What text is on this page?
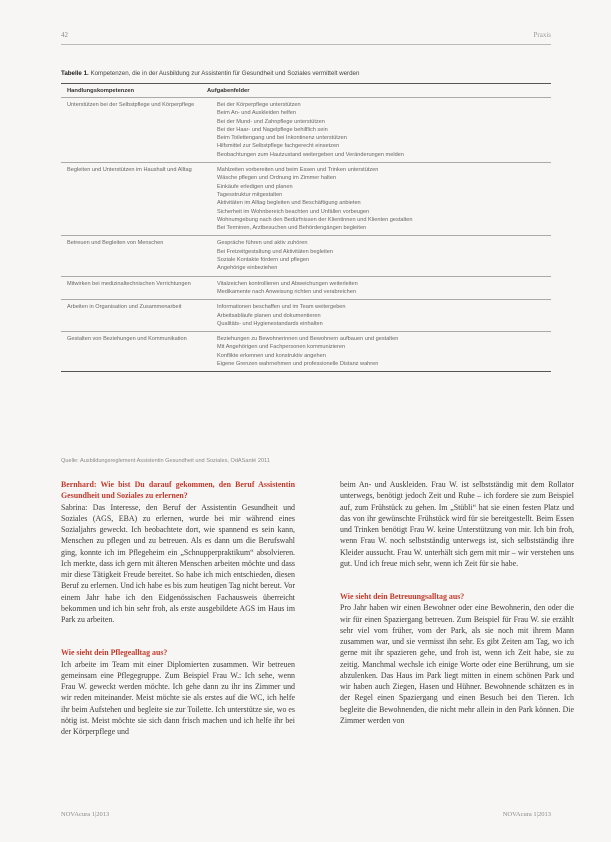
42	Praxis
Tabelle 1. Kompetenzen, die in der Ausbildung zur Assistentin für Gesundheit und Soziales vermittelt werden
Handlungskompetenzen	Aufgabenfelder
Unterstützen bei der Selbstpflege und Körperpflege	• Bei der Körperpflege unterstützen
• Beim An- und Auskleiden helfen
• Bei der Mund- und Zahnpflege unterstützen
• Bei der Haar- und Nagelpflege behilflich sein
• Beim Toilettengang und bei Inkontinenz unterstützen
• Hilfsmittel zur Selbstpflege fachgerecht einsetzen
• Beobachtungen zum Hautzustand weitergeben und Veränderungen melden
Begleiten und Unterstützen im Haushalt und Alltag	• Mahlzeiten vorbereiten und beim Essen und Trinken unterstützen
• Wäsche pflegen und Ordnung im Zimmer halten
• Einkäufe erledigen und planen
• Tagesstruktur mitgestalten
• Aktivitäten im Alltag begleiten und Beschäftigung anbieten
• Sicherheit im Wohnbereich beachten und Unfällen vorbeugen
• Wohnumgebung nach den Bedürfnissen der Klientinnen und Klienten gestalten
• Bei Terminen, Arztbesuchen und Behördengängen begleiten
Betreuen und Begleiten von Menschen	• Gespräche führen und aktiv zuhören
• Bei Freizeitgestaltung und Aktivitäten begleiten
• Soziale Kontakte fördern und pflegen
• Angehörige einbeziehen
Mitwirken bei medizinaltechnischen Verrichtungen	• Vitalzeichen kontrollieren und Abweichungen weiterleiten
• Medikamente nach Anweisung richten und verabreichen
Arbeiten in Organisation und Zusammenarbeit	• Informationen beschaffen und im Team weitergeben
• Arbeitsabläufe planen und dokumentieren
• Qualitäts- und Hygienestandards einhalten
Gestalten von Beziehungen und Kommunikation	• Beziehungen zu Bewohnerinnen und Bewohnern aufbauen und gestalten
• Mit Angehörigen und Fachpersonen kommunizieren
• Konflikte erkennen und konstruktiv angehen
• Eigene Grenzen wahrnehmen und professionelle Distanz wahren
Quelle: Ausbildungsreglement Assistentin Gesundheit und Soziales, OdASanté 2011

Bernhard: Wie bist Du darauf gekommen, den Beruf Assistentin Gesundheit und Soziales zu erlernen?

Sabrina: Das Interesse, den Beruf der Assistentin Gesundheit und Soziales (AGS, EBA) zu erlernen, wurde bei mir während eines Sozialjahrs geweckt. Ich beobachtete dort, wie spannend es sein kann, Menschen zu pflegen und zu betreuen. Als es dann um die Berufswahl ging, konnte ich im Pflegeheim ein „Schnupperpraktikum“ absolvieren. Ich merkte, dass ich gern mit älteren Menschen arbeiten möchte und dass mir diese Tätigkeit Freude bereitet. So habe ich mich entschieden, diesen Beruf zu erlernen. Und ich habe es bis zum heutigen Tag nicht bereut. Vor einem Jahr habe ich den Eidgenössischen Fachausweis überreicht bekommen und ich bin sehr froh, als erste ausgebildete AGS im Haus im Park zu arbeiten.

Wie sieht dein Pflegealltag aus?

Ich arbeite im Team mit einer Diplomierten zusammen. Wir betreuen gemeinsam eine Pflegegruppe. Zum Beispiel Frau W.: Ich sehe, wenn Frau W. geweckt werden möchte. Ich gehe dann zu ihr ins Zimmer und wir reden miteinander. Meist möchte sie als erstes auf die WC, ich helfe ihr beim Aufstehen und begleite sie zur Toilette. Ich unterstütze sie, wo es nötig ist. Meist möchte sie sich dann frisch machen und ich helfe ihr bei der Körperpflege und

beim An- und Auskleiden. Frau W. ist selbstständig mit dem Rollator unterwegs, benötigt jedoch Zeit und Ruhe – ich fordere sie zum Beispiel auf, zum Frühstück zu gehen. Im „Stübli“ hat sie einen festen Platz und das von ihr gewünschte Frühstück wird für sie bereitgestellt. Beim Essen und Trinken benötigt Frau W. keine Unterstützung von mir. Ich bin froh, wenn Frau W. noch selbstständig unterwegs ist, sich selbstständig ihre Kleider aussucht. Frau W. unterhält sich gern mit mir – wir verstehen uns gut. Und ich freue mich sehr, wenn ich Zeit für sie habe.

Wie sieht dein Betreuungsalltag aus?

Pro Jahr haben wir einen Bewohner oder eine Bewohnerin, den oder die wir für einen Spaziergang betreuen. Zum Beispiel für Frau W. sie erzählt sehr viel vom früher, vom der Park, als sie noch mit ihrem Mann zusammen war, und sie vermisst ihn sehr. Es gibt Zeiten am Tag, wo ich gerne mit ihr spazieren gehe, und froh ist, wenn ich Zeit habe, sie zu zeitig. Manchmal wechsle ich einige Worte oder eine Berührung, um sie abzulenken. Das Haus im Park liegt mitten in einem schönen Park und wir haben auch Ziegen, Hasen und Hühner. Bewohnende schätzen es in der Regel einen Spaziergang und einen Besuch bei den Tieren. Ich begleite die Bewohnenden, die nicht mehr allein in den Park können. Die Zimmer werden von

NOVAcura 1|2013	NOVAcura 1|2013
